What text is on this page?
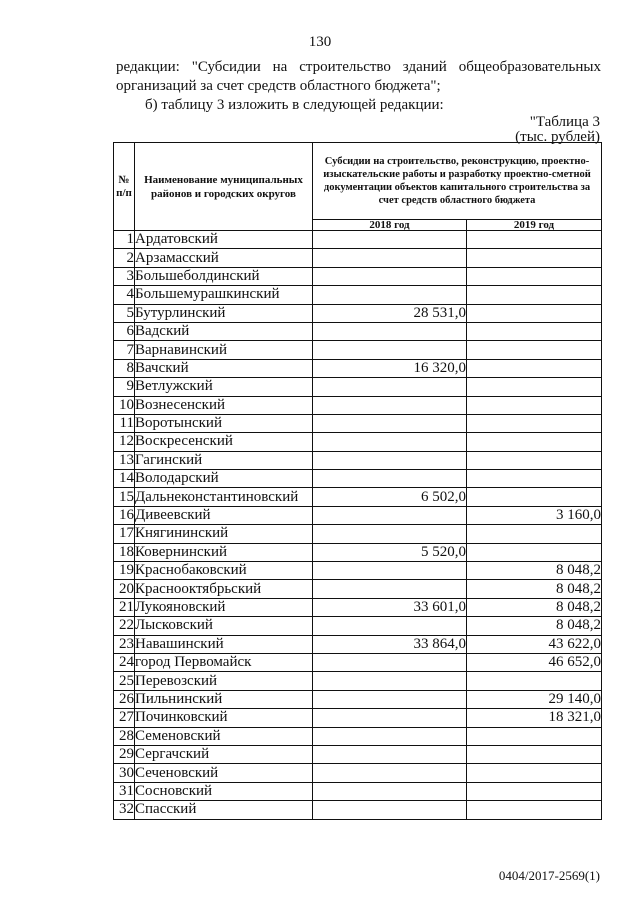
130
редакции: "Субсидии на строительство зданий общеобразовательных
организаций за счет средств областного бюджета";
б) таблицу 3 изложить в следующей редакции:
"Таблица 3
(тыс. рублей)
№ п/п	Наименование муниципальных районов и городских округов	Субсидии на строительство, реконструкцию, проектно-изыскательские работы и разработку проектно-сметной документации объектов капитального строительства за счет средств областного бюджета	
		2018 год	2019 год
1	Ардатовский		
2	Арзамасский		
3	Большеболдинский		
4	Большемурашкинский		
5	Бутурлинский	28 531,0	
6	Вадский		
7	Варнавинский		
8	Вачский	16 320,0	
9	Ветлужский		
10	Вознесенский		
11	Воротынский		
12	Воскресенский		
13	Гагинский		
14	Володарский		
15	Дальнеконстантиновский	6 502,0	
16	Дивеевский		3 160,0
17	Княгининский		
18	Ковернинский	5 520,0	
19	Краснобаковский		8 048,2
20	Краснооктябрьский		8 048,2
21	Лукояновский	33 601,0	8 048,2
22	Лысковский		8 048,2
23	Навашинский	33 864,0	43 622,0
24	город Первомайск		46 652,0
25	Перевозский		
26	Пильнинский		29 140,0
27	Починковский		18 321,0
28	Семеновский		
29	Сергачский		
30	Сеченовский		
31	Сосновский		
32	Спасский		
0404/2017-2569(1)
